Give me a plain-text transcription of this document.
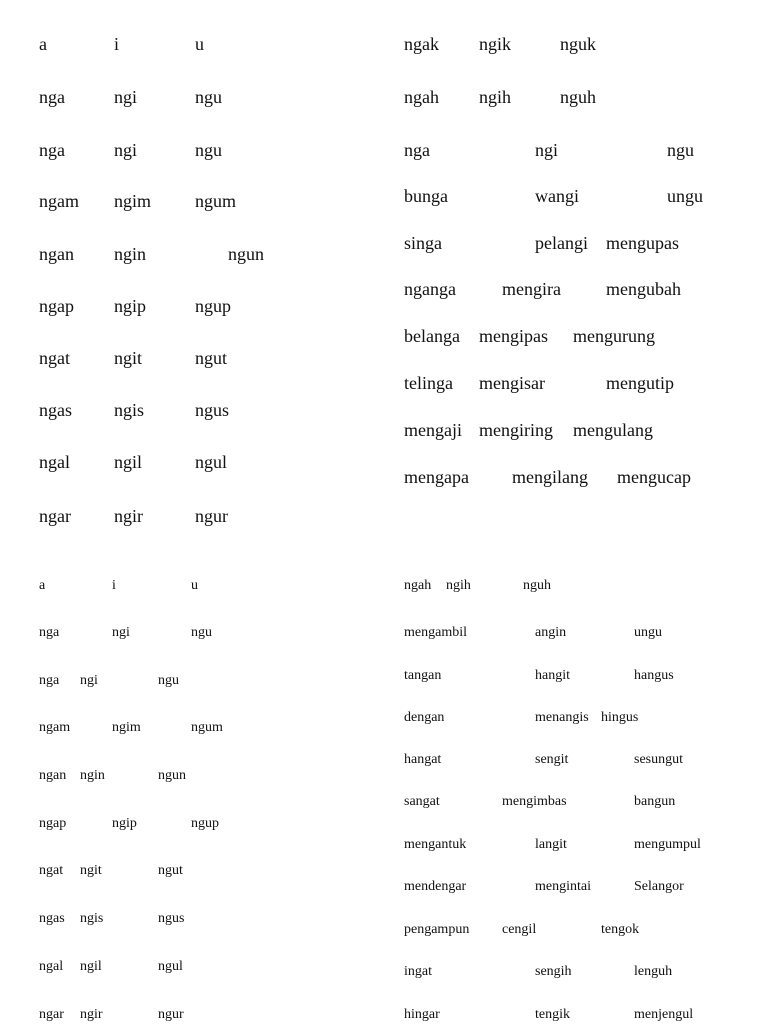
a	i	u
nga	ngi	ngu
nga	ngi	ngu
ngam ngim ngum
ngan ngin	ngun
ngap ngip	ngup
ngat ngit	ngut
ngas ngis	ngus
ngal ngil	ngul
ngar ngir	ngur
ngak ngik	nguk
ngah ngih	nguh
nga	ngi	ngu
bunga	wangi	ungu
singa	pelangi mengupas
nganga	mengira	mengubah
belanga mengipas mengurung
telinga mengisar	mengutip
mengaji mengiring mengulang
mengapa mengilang mengucap
a	i	u
nga	ngi	ngu
nga ngi	ngu
ngam	ngim	ngum
ngan ngin	ngun
ngap	ngip	ngup
ngat ngit	ngut
ngas ngis	ngus
ngal ngil	ngul
ngar ngir	ngur
ngah ngih	nguh
mengambil	angin	ungu
tangan	hangit	hangus
dengan	menangis hingus
hangat	sengit	sesungut
sangat	mengimbas	bangun
mengantuk	langit	mengumpul
mendengar	mengintai	Selangor
pengampun cengil	tengok
ingat	sengih	lenguh
hingar	tengik	menjengul
